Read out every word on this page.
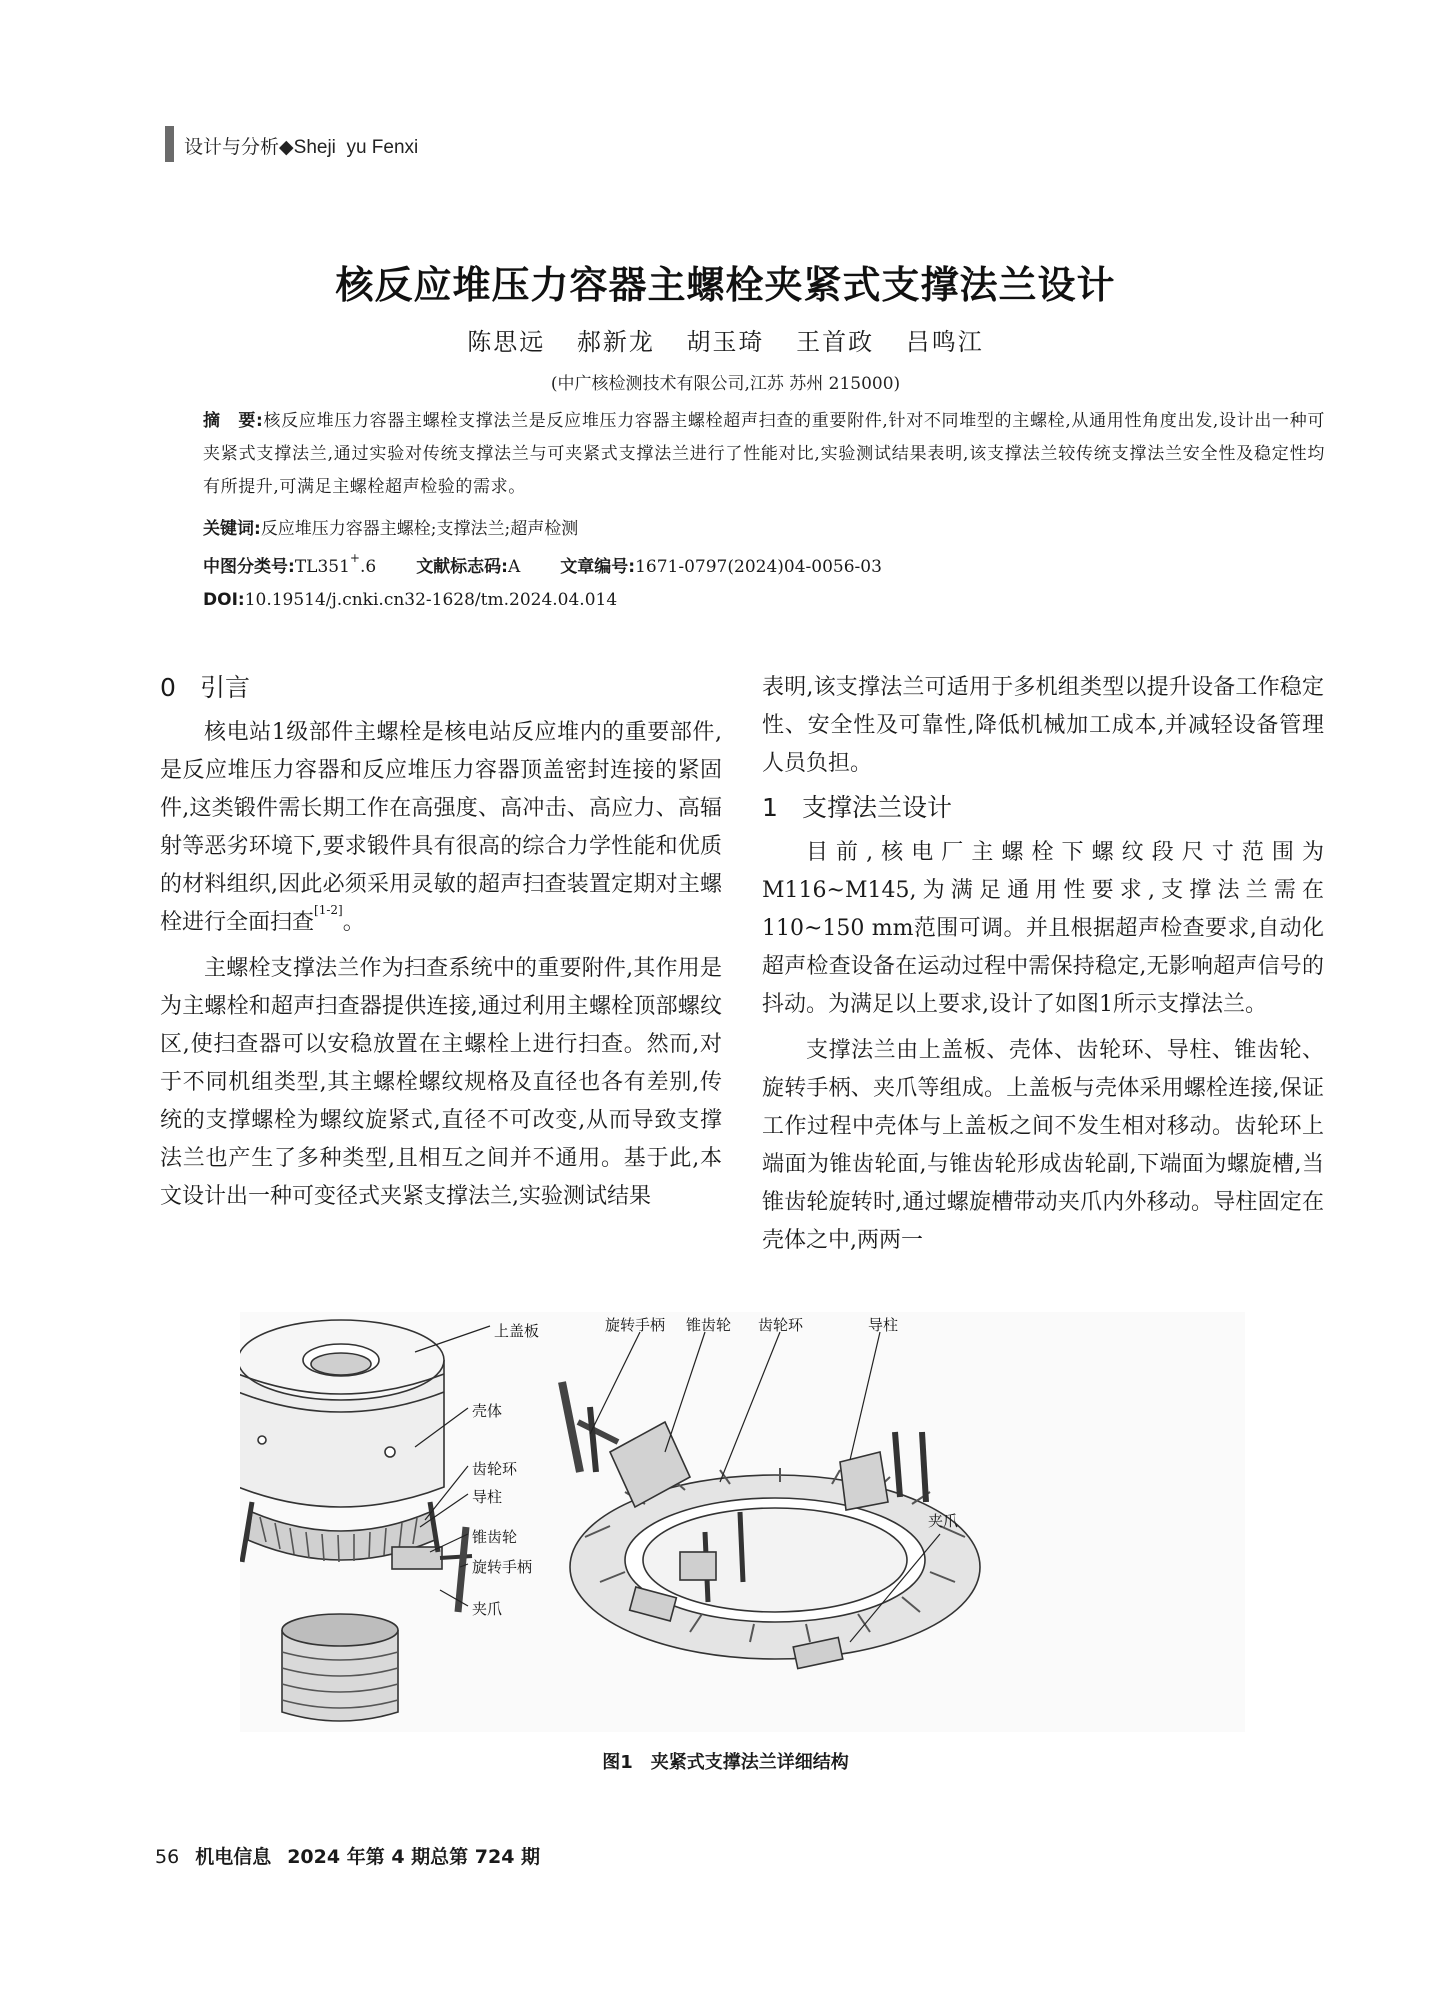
设计与分析◆Sheji  yu Fenxi
核反应堆压力容器主螺栓夹紧式支撑法兰设计
陈思远 郝新龙 胡玉琦 王首政 吕鸣江
(中广核检测技术有限公司,江苏 苏州 215000)
摘　要:核反应堆压力容器主螺栓支撑法兰是反应堆压力容器主螺栓超声扫查的重要附件,针对不同堆型的主螺栓,从通用性角度出发,设计出一种可夹紧式支撑法兰,通过实验对传统支撑法兰与可夹紧式支撑法兰进行了性能对比,实验测试结果表明,该支撑法兰较传统支撑法兰安全性及稳定性均有所提升,可满足主螺栓超声检验的需求。
关键词:反应堆压力容器主螺栓;支撑法兰;超声检测
中图分类号:TL351+.6 文献标志码:A 文章编号:1671-0797(2024)04-0056-03
DOI:10.19514/j.cnki.cn32-1628/tm.2024.04.014
0 引言

核电站1级部件主螺栓是核电站反应堆内的重要部件,是反应堆压力容器和反应堆压力容器顶盖密封连接的紧固件,这类锻件需长期工作在高强度、高冲击、高应力、高辐射等恶劣环境下,要求锻件具有很高的综合力学性能和优质的材料组织,因此必须采用灵敏的超声扫查装置定期对主螺栓进行全面扫查[1-2]。

主螺栓支撑法兰作为扫查系统中的重要附件,其作用是为主螺栓和超声扫查器提供连接,通过利用主螺栓顶部螺纹区,使扫查器可以安稳放置在主螺栓上进行扫查。然而,对于不同机组类型,其主螺栓螺纹规格及直径也各有差别,传统的支撑螺栓为螺纹旋紧式,直径不可改变,从而导致支撑法兰也产生了多种类型,且相互之间并不通用。基于此,本文设计出一种可变径式夹紧支撑法兰,实验测试结果

表明,该支撑法兰可适用于多机组类型以提升设备工作稳定性、安全性及可靠性,降低机械加工成本,并减轻设备管理人员负担。

1 支撑法兰设计

目前,核电厂主螺栓下螺纹段尺寸范围为M116~M145,为满足通用性要求,支撑法兰需在110~150 mm范围可调。并且根据超声检查要求,自动化超声检查设备在运动过程中需保持稳定,无影响超声信号的抖动。为满足以上要求,设计了如图1所示支撑法兰。

支撑法兰由上盖板、壳体、齿轮环、导柱、锥齿轮、旋转手柄、夹爪等组成。上盖板与壳体采用螺栓连接,保证工作过程中壳体与上盖板之间不发生相对移动。齿轮环上端面为锥齿轮面,与锥齿轮形成齿轮副,下端面为螺旋槽,当锥齿轮旋转时,通过螺旋槽带动夹爪内外移动。导柱固定在壳体之中,两两一

上盖板
壳体
齿轮环
导柱
锥齿轮
旋转手柄
夹爪
旋转手柄 锥齿轮 齿轮环	导柱
夹爪
图1 夹紧式支撑法兰详细结构
56 机电信息 2024 年第 4 期总第 724 期
